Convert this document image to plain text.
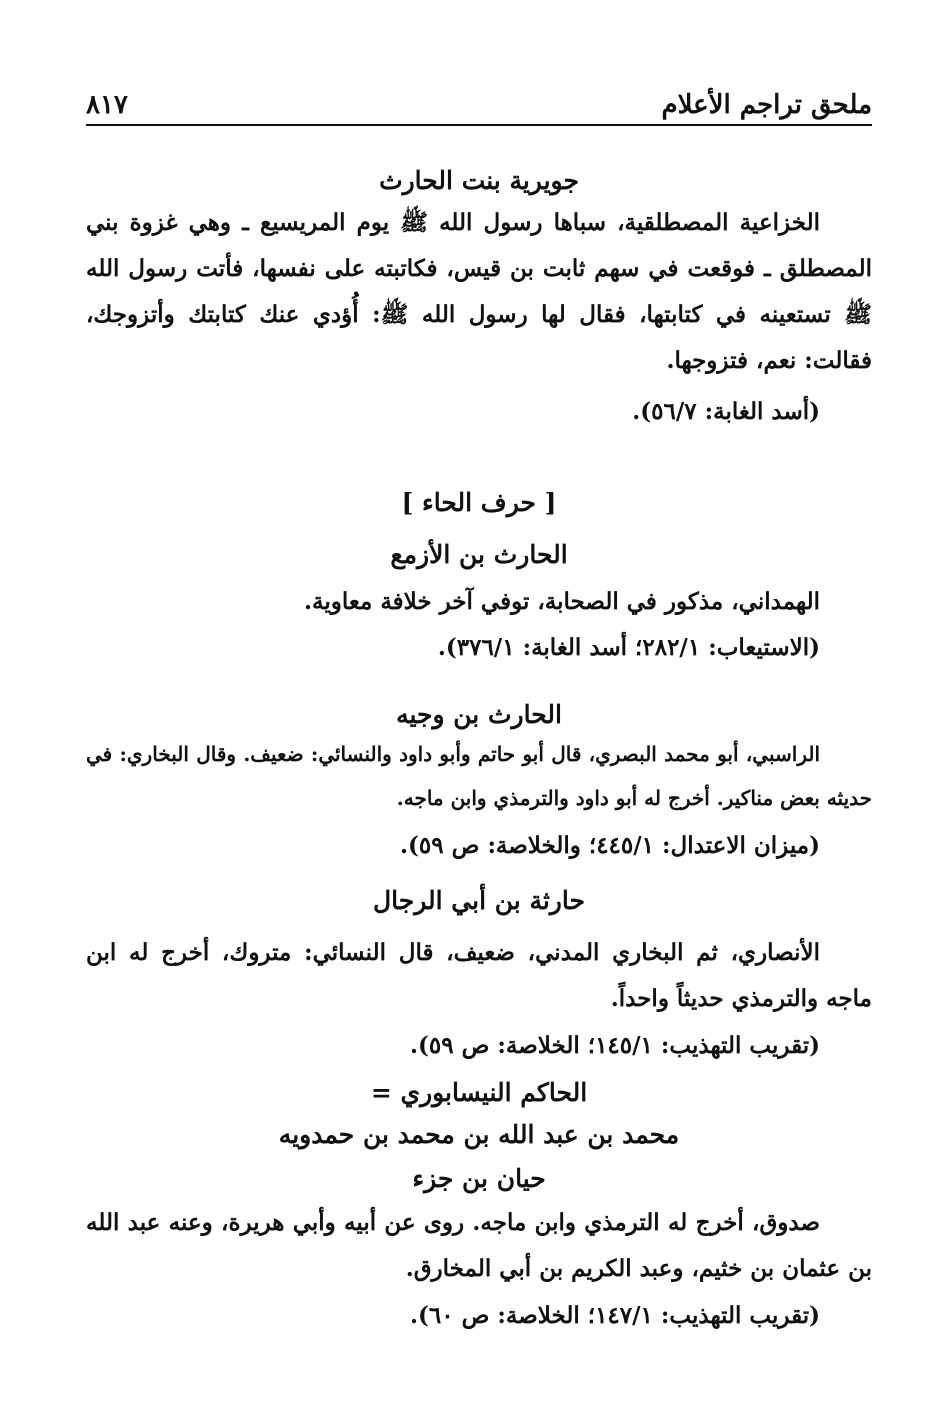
ملحق تراجم الأعلام
٨١٧
جويرية بنت الحارث
الخزاعية المصطلقية، سباها رسول الله ﷺ يوم المريسيع ـ وهي غزوة بني المصطلق ـ فوقعت في سهم ثابت بن قيس، فكاتبته على نفسها، فأتت رسول الله ﷺ تستعينه في كتابتها، فقال لها رسول الله ﷺ: أُؤدي عنك كتابتك وأتزوجك، فقالت: نعم، فتزوجها.
(أسد الغابة: ٥٦/٧).
[ حرف الحاء ]
الحارث بن الأزمع
الهمداني، مذكور في الصحابة، توفي آخر خلافة معاوية.
(الاستيعاب: ٢٨٢/١؛ أسد الغابة: ٣٧٦/١).
الحارث بن وجيه
الراسبي، أبو محمد البصري، قال أبو حاتم وأبو داود والنسائي: ضعيف. وقال البخاري: في حديثه بعض مناكير. أخرج له أبو داود والترمذي وابن ماجه.
(ميزان الاعتدال: ٤٤٥/١؛ والخلاصة: ص ٥٩).
حارثة بن أبي الرجال
الأنصاري، ثم البخاري المدني، ضعيف، قال النسائي: متروك، أخرج له ابن ماجه والترمذي حديثاً واحداً.
(تقريب التهذيب: ١٤٥/١؛ الخلاصة: ص ٥٩).
الحاكم النيسابوري =
محمد بن عبد الله بن محمد بن حمدويه
حيان بن جزء
صدوق، أخرج له الترمذي وابن ماجه. روى عن أبيه وأبي هريرة، وعنه عبد الله بن عثمان بن خثيم، وعبد الكريم بن أبي المخارق.
(تقريب التهذيب: ١٤٧/١؛ الخلاصة: ص ٦٠).
